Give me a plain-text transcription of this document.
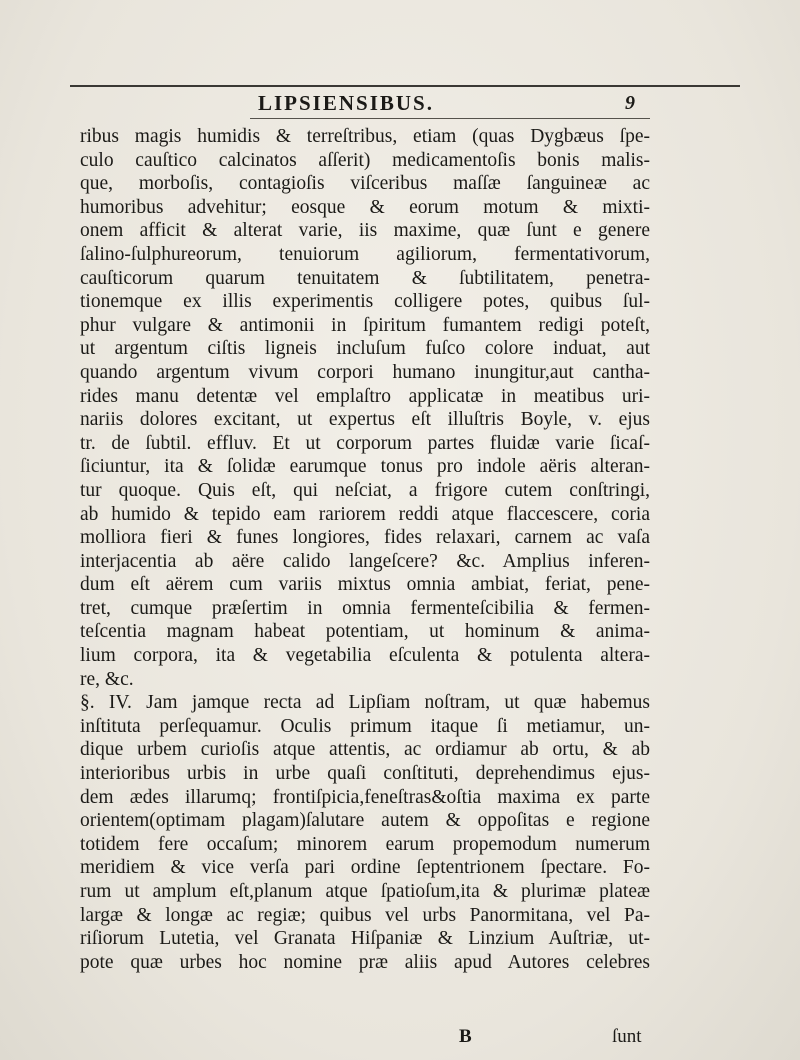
LIPSIENSIBUS.	9
ribus magis humidis & terreſtribus, etiam (quas Dygbæus ſpe-
culo cauſtico calcinatos aſſerit) medicamentoſis bonis malis-
que, morboſis, contagioſis viſceribus maſſæ ſanguineæ ac
humoribus advehitur; eosque & eorum motum & mixti-
onem afficit & alterat varie, iis maxime, quæ ſunt e genere
ſalino-ſulphureorum, tenuiorum agiliorum, fermentativorum,
cauſticorum quarum tenuitatem & ſubtilitatem, penetra-
tionemque ex illis experimentis colligere potes, quibus ſul-
phur vulgare & antimonii in ſpiritum fumantem redigi poteſt,
ut argentum ciſtis ligneis incluſum fuſco colore induat, aut
quando argentum vivum corpori humano inungitur,aut cantha-
rides manu detentæ vel emplaſtro applicatæ in meatibus uri-
nariis dolores excitant, ut expertus eſt illuſtris Boyle, v. ejus
tr. de ſubtil. effluv. Et ut corporum partes fluidæ varie ſicaſ-
ſiciuntur, ita & ſolidæ earumque tonus pro indole aëris alteran-
tur quoque. Quis eſt, qui neſciat, a frigore cutem conſtringi,
ab humido & tepido eam rariorem reddi atque flaccescere, coria
molliora fieri & funes longiores, fides relaxari, carnem ac vaſa
interjacentia ab aëre calido langeſcere? &c. Amplius inferen-
dum eſt aërem cum variis mixtus omnia ambiat, feriat, pene-
tret, cumque præſertim in omnia fermenteſcibilia & fermen-
teſcentia magnam habeat potentiam, ut hominum & anima-
lium corpora, ita & vegetabilia eſculenta & potulenta altera-
re, &c.
§. IV. Jam jamque recta ad Lipſiam noſtram, ut quæ habemus
inſtituta perſequamur. Oculis primum itaque ſi metiamur, un-
dique urbem curioſis atque attentis, ac ordiamur ab ortu, & ab
interioribus urbis in urbe quaſi conſtituti, deprehendimus ejus-
dem ædes illarumq; frontiſpicia,feneſtras&oſtia maxima ex parte
orientem(optimam plagam)ſalutare autem & oppoſitas e regione
totidem fere occaſum; minorem earum propemodum numerum
meridiem & vice verſa pari ordine ſeptentrionem ſpectare. Fo-
rum ut amplum eſt,planum atque ſpatioſum,ita & plurimæ plateæ
largæ & longæ ac regiæ; quibus vel urbs Panormitana, vel Pa-
riſiorum Lutetia, vel Granata Hiſpaniæ & Linzium Auſtriæ, ut-
pote quæ urbes hoc nomine præ aliis apud Autores celebres
B	ſunt
